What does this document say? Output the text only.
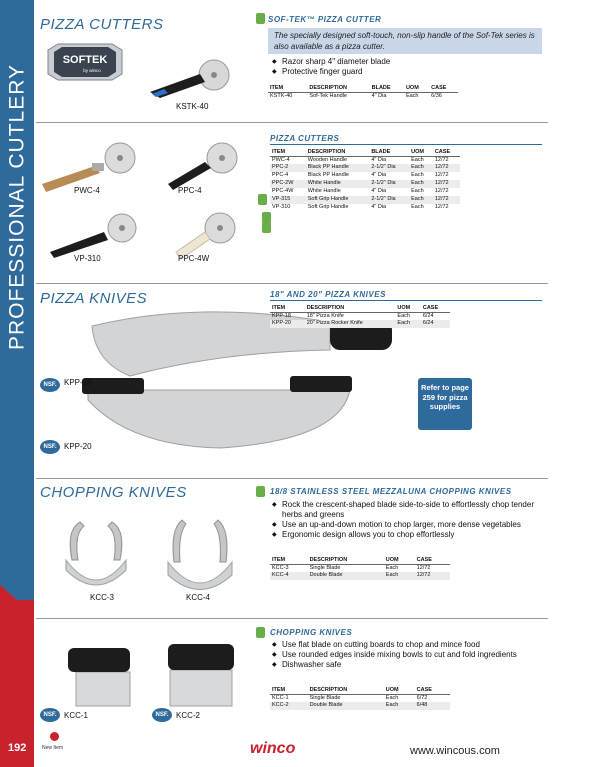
PROFESSIONAL CUTLERY
192	New Item
PIZZA CUTTERS
PIZZA KNIVES
CHOPPING KNIVES
SOFTEK
by winco
KSTK-40
PWC-4	PPC-4
VP-310	PPC-4W
NSF. KPP-18
NSF. KPP-20
KCC-3	KCC-4
NSF. KCC-1	NSF. KCC-2
SOF-TEK™ PIZZA CUTTER
The specially designed soft-touch, non-slip handle of the Sof-Tek series is also available as a pizza cutter.
◆ Razor sharp 4" diameter blade
◆ Protective finger guard
ITEM	DESCRIPTION	BLADE	UOM	CASE
KSTK-40	Sof-Tek Handle	4" Dia	Each	6/36
PIZZA CUTTERS
ITEM	DESCRIPTION	BLADE	UOM	CASE
PWC-4	Wooden Handle	4" Dia	Each	12/72
PPC-2	Black PP Handle	2-1/2" Dia	Each	12/72
PPC-4	Black PP Handle	4" Dia	Each	12/72
PPC-2W	White Handle	2-1/2" Dia	Each	12/72
PPC-4W	White Handle	4" Dia	Each	12/72
VP-315	Soft Grip Handle	2-1/2" Dia	Each	12/72
VP-310	Soft Grip Handle	4" Dia	Each	12/72
18" AND 20" PIZZA KNIVES
ITEM	DESCRIPTION	UOM	CASE
KPP-18	18" Pizza Knife	Each	6/24
KPP-20	20" Pizza Rocker Knife	Each	6/24
Refer to page 259 for pizza supplies
18/8 STAINLESS STEEL MEZZALUNA CHOPPING KNIVES
◆ Rock the crescent-shaped blade side-to-side to effortlessly chop tender herbs and greens
◆ Use an up-and-down motion to chop larger, more dense vegetables
◆ Ergonomic design allows you to chop effortlessly
ITEM	DESCRIPTION	UOM	CASE
KCC-3	Single Blade	Each	12/72
KCC-4	Double Blade	Each	12/72
CHOPPING KNIVES
◆ Use flat blade on cutting boards to chop and mince food
◆ Use rounded edges inside mixing bowls to cut and fold ingredients
◆ Dishwasher safe
ITEM	DESCRIPTION	UOM	CASE
KCC-1	Single Blade	Each	6/72
KCC-2	Double Blade	Each	6/48
winco	www.wincous.com
